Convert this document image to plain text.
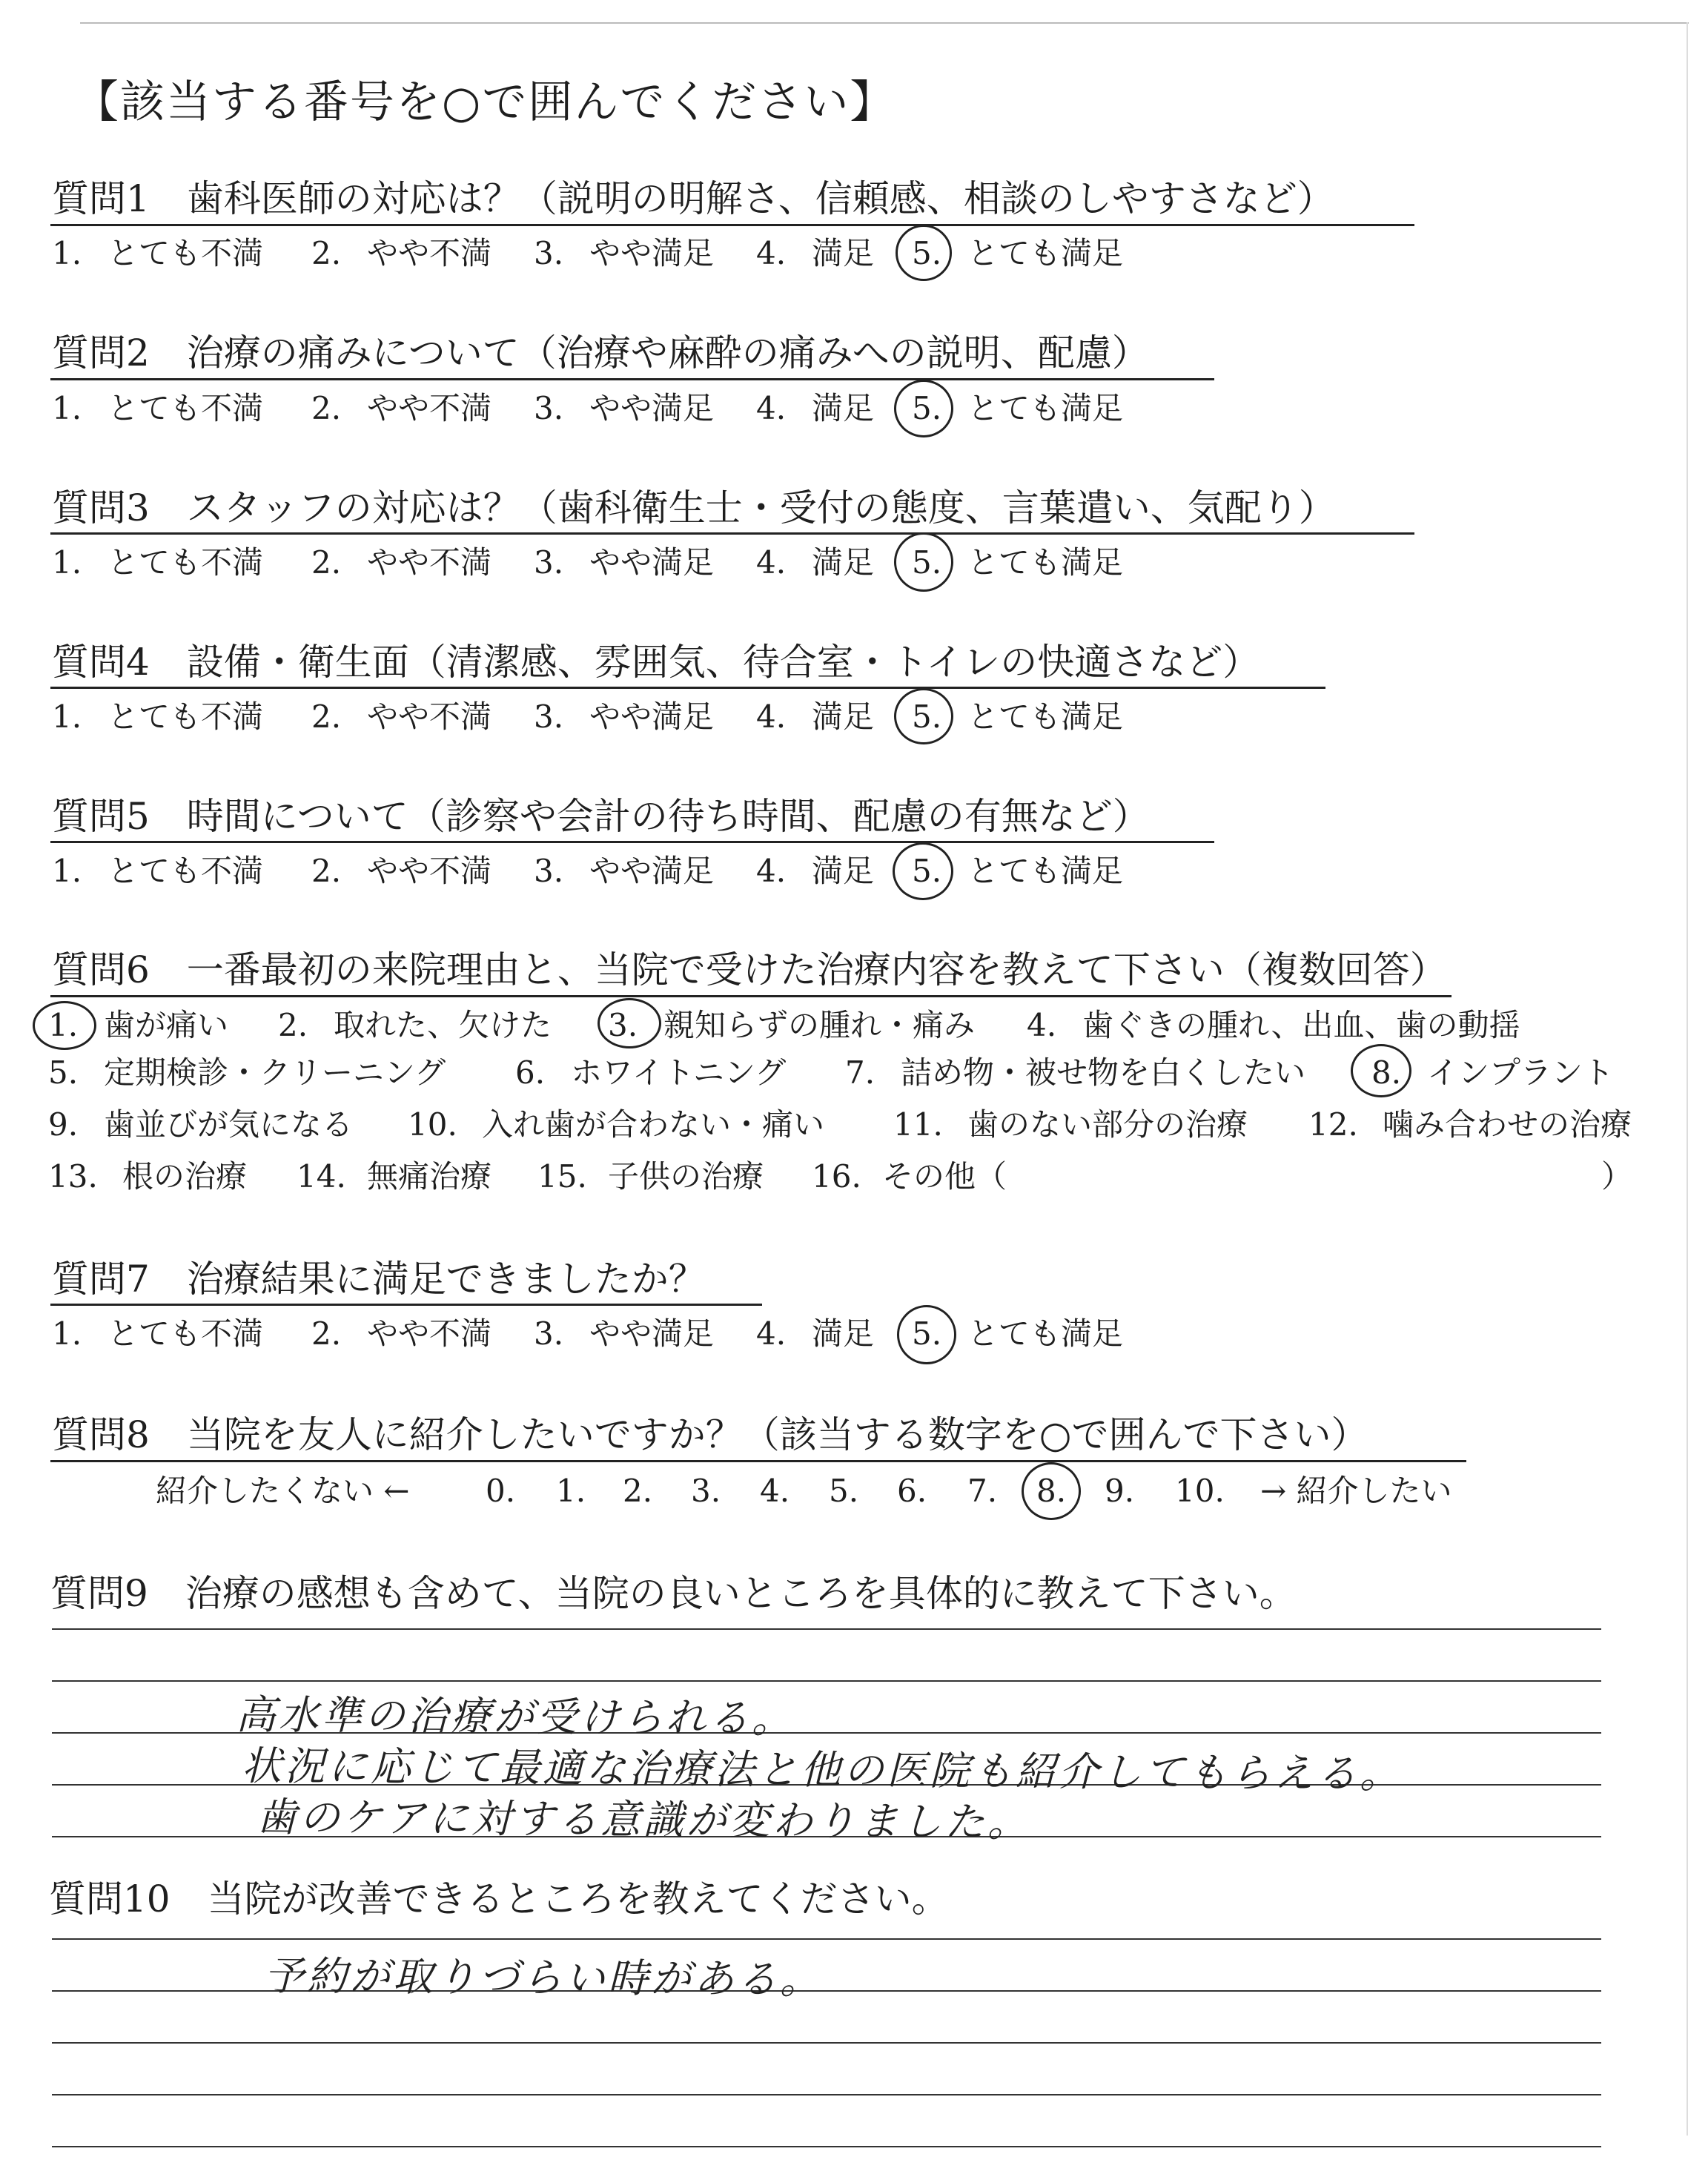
【該当する番号を○で囲んでください】
質問1　歯科医師の対応は？（説明の明解さ、信頼感、相談のしやすさなど）
1. とても不満 2. やや不満 3. やや満足 4. 満足 5. とても満足
質問2　治療の痛みについて（治療や麻酔の痛みへの説明、配慮）
1. とても不満 2. やや不満 3. やや満足 4. 満足 5. とても満足
質問3　スタッフの対応は？（歯科衛生士・受付の態度、言葉遣い、気配り）
1. とても不満 2. やや不満 3. やや満足 4. 満足 5. とても満足
質問4　設備・衛生面（清潔感、雰囲気、待合室・トイレの快適さなど）
1. とても不満 2. やや不満 3. やや満足 4. 満足 5. とても満足
質問5　時間について（診察や会計の待ち時間、配慮の有無など）
1. とても不満 2. やや不満 3. やや満足 4. 満足 5. とても満足
質問6　一番最初の来院理由と、当院で受けた治療内容を教えて下さい（複数回答）
1. 歯が痛い 2. 取れた、欠けた 3. 親知らずの腫れ・痛み 4. 歯ぐきの腫れ、出血、歯の動揺
5. 定期検診・クリーニング 6. ホワイトニング 7. 詰め物・被せ物を白くしたい 8. インプラント
9. 歯並びが気になる 10. 入れ歯が合わない・痛い 11. 歯のない部分の治療 12. 噛み合わせの治療
13. 根の治療 14. 無痛治療 15. 子供の治療 16. その他（	）
質問7　治療結果に満足できましたか？
1. とても不満 2. やや不満 3. やや満足 4. 満足 5. とても満足
質問8　当院を友人に紹介したいですか？（該当する数字を○で囲んで下さい）
紹介したくない ← 0. 1. 2. 3. 4. 5. 6. 7. 8. 9. 10. → 紹介したい
質問9　治療の感想も含めて、当院の良いところを具体的に教えて下さい。
高水準の治療が受けられる。
状況に応じて最適な治療法と他の医院も紹介してもらえる。
歯のケアに対する意識が変わりました。
質問10　当院が改善できるところを教えてください。
予約が取りづらい時がある。
